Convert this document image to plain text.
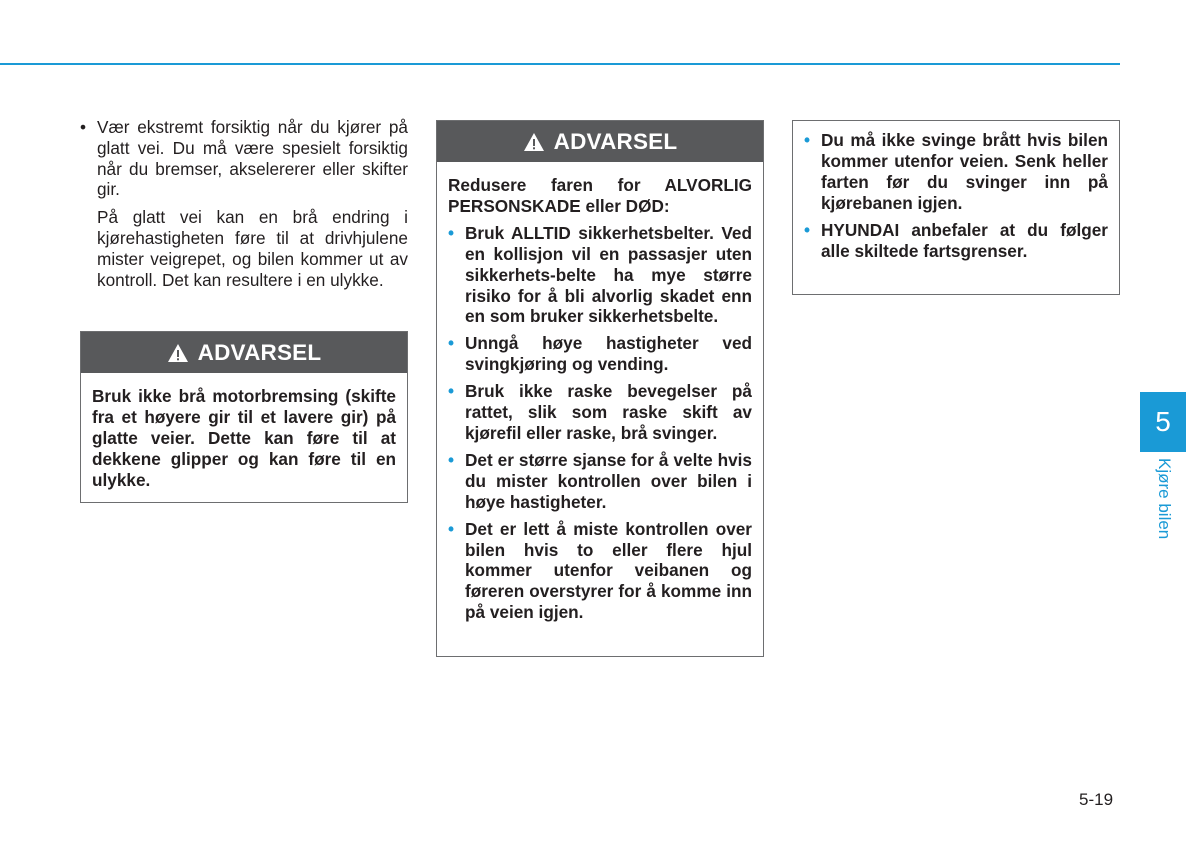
• Vær ekstremt forsiktig når du kjører på glatt vei. Du må være spesielt forsiktig når du bremser, akselererer eller skifter gir.

På glatt vei kan en brå endring i kjørehastigheten føre til at drivhjulene mister veigrepet, og bilen kommer ut av kontroll. Det kan resultere i en ulykke.

ADVARSEL

Bruk ikke brå motorbremsing (skifte fra et høyere gir til et lavere gir) på glatte veier. Dette kan føre til at dekkene glipper og kan føre til en ulykke.

ADVARSEL

Redusere faren for ALVORLIG PERSONSKADE eller DØD:

• Bruk ALLTID sikkerhetsbelter. Ved en kollisjon vil en passasjer uten sikkerhets-belte ha mye større risiko for å bli alvorlig skadet enn en som bruker sikkerhetsbelte.
• Unngå høye hastigheter ved svingkjøring og vending.
• Bruk ikke raske bevegelser på rattet, slik som raske skift av kjørefil eller raske, brå svinger.
• Det er større sjanse for å velte hvis du mister kontrollen over bilen i høye hastigheter.
• Det er lett å miste kontrollen over bilen hvis to eller flere hjul kommer utenfor veibanen og føreren overstyrer for å komme inn på veien igjen.
• Du må ikke svinge brått hvis bilen kommer utenfor veien. Senk heller farten før du svinger inn på kjørebanen igjen.
• HYUNDAI anbefaler at du følger alle skiltede fartsgrenser.
5
Kjøre bilen
5-19
